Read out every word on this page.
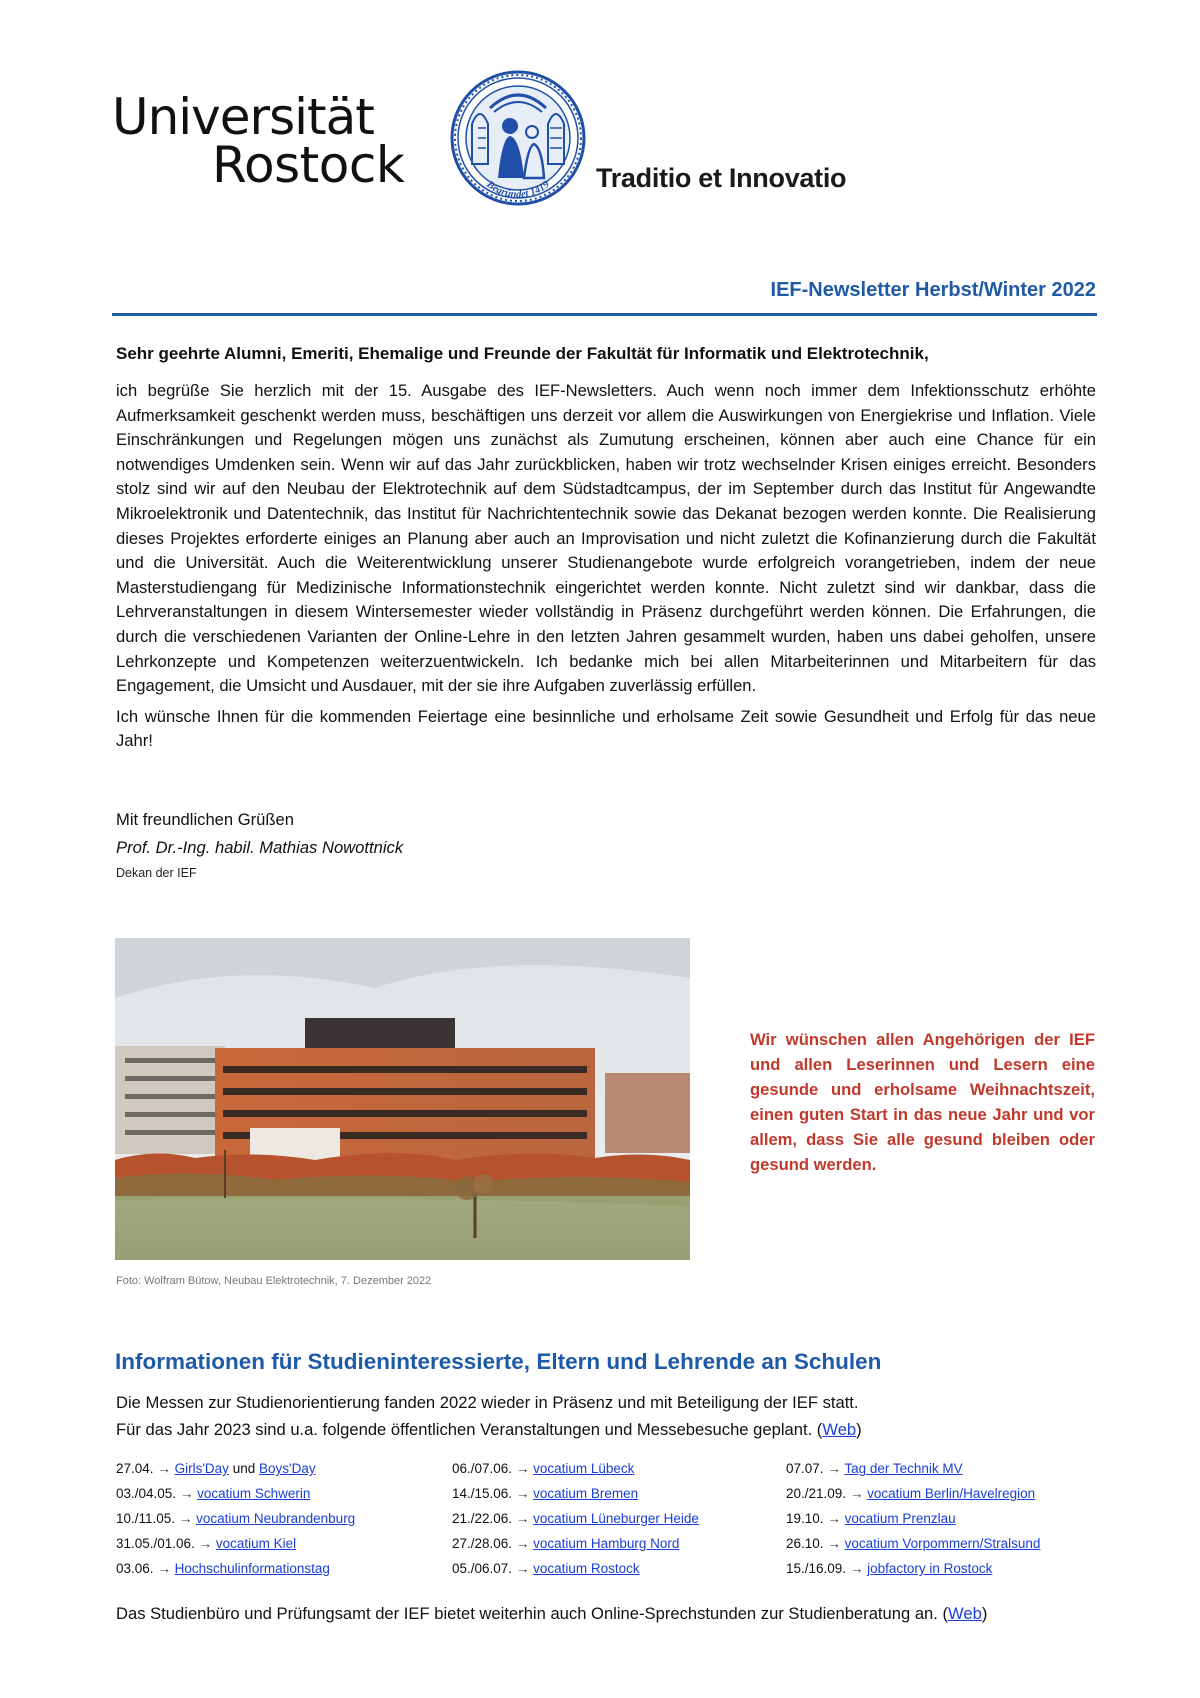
Universität
Rostock	Begründet 1419 Traditio et Innovatio
IEF-Newsletter Herbst/Winter 2022
Sehr geehrte Alumni, Emeriti, Ehemalige und Freunde der Fakultät für Informatik und Elektrotechnik,

ich begrüße Sie herzlich mit der 15. Ausgabe des IEF-Newsletters. Auch wenn noch immer dem Infektionsschutz erhöhte Aufmerksamkeit geschenkt werden muss, beschäftigen uns derzeit vor allem die Auswirkungen von Energiekrise und Inflation. Viele Einschränkungen und Regelungen mögen uns zunächst als Zumutung erscheinen, können aber auch eine Chance für ein notwendiges Umdenken sein. Wenn wir auf das Jahr zurückblicken, haben wir trotz wechselnder Krisen einiges erreicht. Besonders stolz sind wir auf den Neubau der Elektrotechnik auf dem Südstadtcampus, der im September durch das Institut für Angewandte Mikroelektronik und Datentechnik, das Institut für Nachrichtentechnik sowie das Dekanat bezogen werden konnte. Die Realisierung dieses Projektes erforderte einiges an Planung aber auch an Improvisation und nicht zuletzt die Kofinanzierung durch die Fakultät und die Universität. Auch die Weiterentwicklung unserer Studienangebote wurde erfolgreich vorangetrieben, indem der neue Masterstudiengang für Medizinische Informationstechnik eingerichtet werden konnte. Nicht zuletzt sind wir dankbar, dass die Lehrveranstaltungen in diesem Wintersemester wieder vollständig in Präsenz durchgeführt werden können. Die Erfahrungen, die durch die verschiedenen Varianten der Online-Lehre in den letzten Jahren gesammelt wurden, haben uns dabei geholfen, unsere Lehrkonzepte und Kompetenzen weiterzuentwickeln. Ich bedanke mich bei allen Mitarbeiterinnen und Mitarbeitern für das Engagement, die Umsicht und Ausdauer, mit der sie ihre Aufgaben zuverlässig erfüllen.

Ich wünsche Ihnen für die kommenden Feiertage eine besinnliche und erholsame Zeit sowie Gesundheit und Erfolg für das neue Jahr!

Mit freundlichen Grüßen
Prof. Dr.-Ing. habil. Mathias Nowottnick
Dekan der IEF
Foto: Wolfram Bütow, Neubau Elektrotechnik, 7. Dezember 2022
Wir wünschen allen Angehörigen der IEF und allen Leserinnen und Lesern eine gesunde und erholsame Weihnachtszeit, einen guten Start in das neue Jahr und vor allem, dass Sie alle gesund bleiben oder gesund werden.
Informationen für Studieninteressierte, Eltern und Lehrende an Schulen
Die Messen zur Studienorientierung fanden 2022 wieder in Präsenz und mit Beteiligung der IEF statt.
Für das Jahr 2023 sind u.a. folgende öffentlichen Veranstaltungen und Messebesuche geplant. (Web)
27.04. → Girls'Day und Boys'Day
03./04.05. → vocatium Schwerin
10./11.05. → vocatium Neubrandenburg
31.05./01.06. → vocatium Kiel
03.06. → Hochschulinformationstag
06./07.06. → vocatium Lübeck
14./15.06. → vocatium Bremen
21./22.06. → vocatium Lüneburger Heide
27./28.06. → vocatium Hamburg Nord
05./06.07. → vocatium Rostock
07.07. → Tag der Technik MV
20./21.09. → vocatium Berlin/Havelregion
19.10. → vocatium Prenzlau
26.10. → vocatium Vorpommern/Stralsund
15./16.09. → jobfactory in Rostock
Das Studienbüro und Prüfungsamt der IEF bietet weiterhin auch Online-Sprechstunden zur Studienberatung an. (Web)
